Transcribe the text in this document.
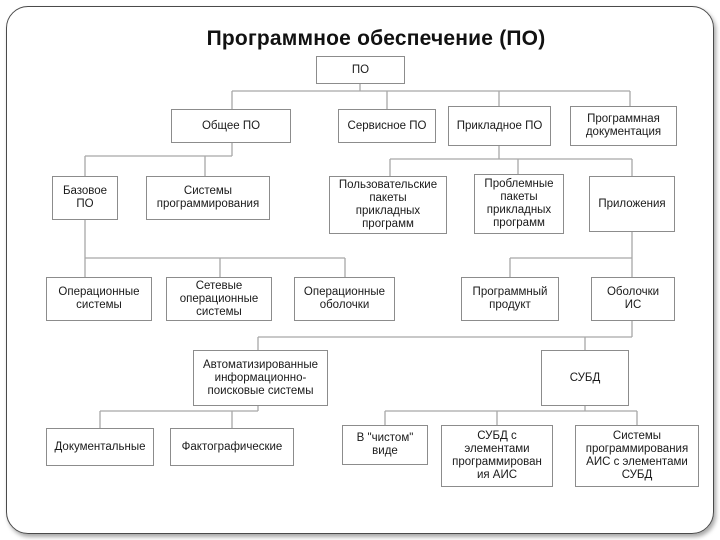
Программное обеспечение (ПО)
ПО
Общее ПО	Сервисное ПО	Прикладное ПО
Программная
документация
Базовое
ПО
Системы
программирования
Пользовательские
пакеты
прикладных
программ
Проблемные
пакеты
прикладных
программ
Приложения
Операционные
системы
Сетевые
операционные
системы
Операционные
оболочки
Программный
продукт
Оболочки
ИС
Автоматизированные
информационно-
поисковые системы
СУБД
Документальные	Фактографические
В "чистом"
виде
СУБД с
элементами
программирован
ия АИС
Системы
программирования
АИС с элементами
СУБД
